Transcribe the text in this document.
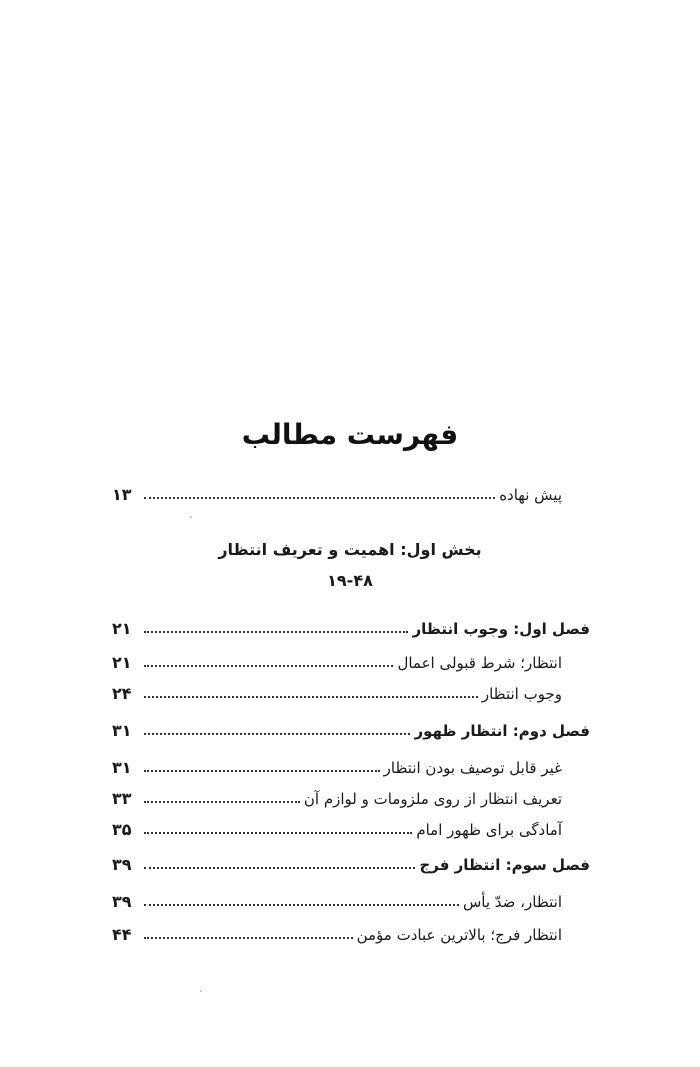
فهرست مطالب
پیش نهاده
۱۳
بخش اول: اهمیت و تعریف انتظار
۱۹-۴۸
فصل اول: وجوب انتظار
۲۱
انتظار؛ شرط قبولی اعمال
۲۱
وجوب انتظار
۲۴
فصل دوم: انتظار ظهور
۳۱
غیر قابل توصیف بودن انتظار
۳۱
تعریف انتظار از روی ملزومات و لوازم آن
۳۳
آمادگی برای ظهور امام
۳۵
فصل سوم: انتظار فرج
۳۹
انتظار، ضدّ یأس
۳۹
انتظار فرج؛ بالاترین عبادت مؤمن
۴۴
